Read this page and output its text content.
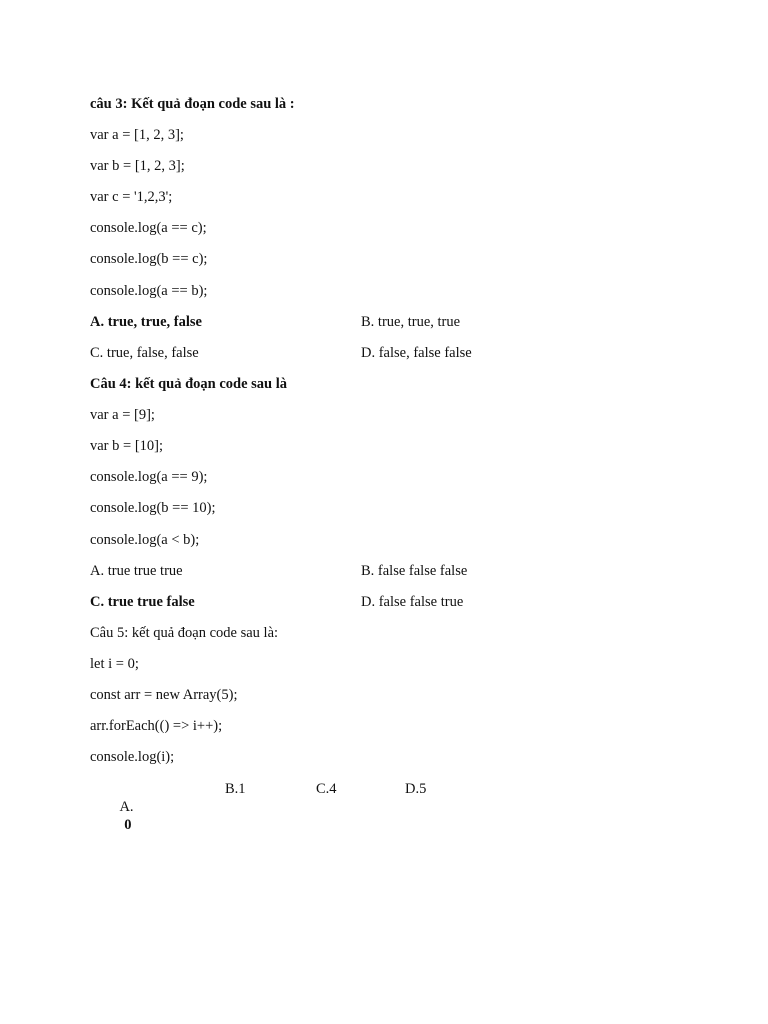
câu 3: Kết quả đoạn code sau là :
var a = [1, 2, 3];
var b = [1, 2, 3];
var c = '1,2,3';
console.log(a == c);
console.log(b == c);
console.log(a == b);
A. true, true, false	B. true, true, true
C. true, false, false	D. false, false false
Câu 4: kết quả đoạn code sau là
var a = [9];
var b = [10];
console.log(a == 9);
console.log(b == 10);
console.log(a < b);
A. true true true	B. false false false
C. true true false	D. false false true
Câu 5: kết quả đoạn code sau là:
let i = 0;
const arr = new Array(5);
arr.forEach(() => i++);
console.log(i);

A.
0

B.1	C.4	D.5
